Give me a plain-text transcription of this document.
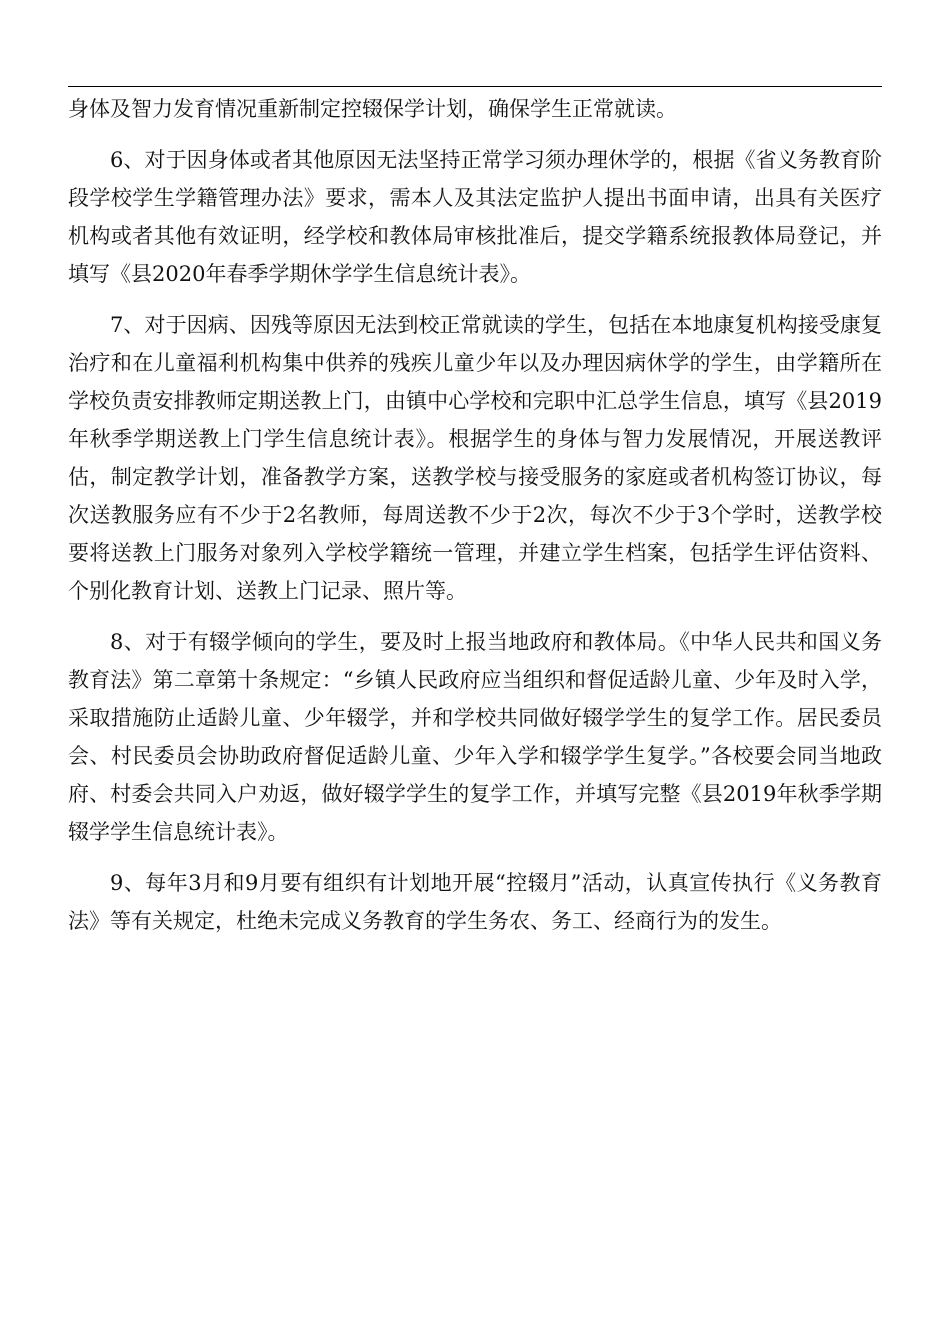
身体及智力发育情况重新制定控辍保学计划，确保学生正常就读。

6、对于因身体或者其他原因无法坚持正常学习须办理休学的，根据《省义务教育阶段学校学生学籍管理办法》要求，需本人及其法定监护人提出书面申请，出具有关医疗机构或者其他有效证明，经学校和教体局审核批准后，提交学籍系统报教体局登记，并填写《县2020年春季学期休学学生信息统计表》。

7、对于因病、因残等原因无法到校正常就读的学生，包括在本地康复机构接受康复治疗和在儿童福利机构集中供养的残疾儿童少年以及办理因病休学的学生，由学籍所在学校负责安排教师定期送教上门，由镇中心学校和完职中汇总学生信息，填写《县2019年秋季学期送教上门学生信息统计表》。根据学生的身体与智力发展情况，开展送教评估，制定教学计划，准备教学方案，送教学校与接受服务的家庭或者机构签订协议，每次送教服务应有不少于2名教师，每周送教不少于2次，每次不少于3个学时，送教学校要将送教上门服务对象列入学校学籍统一管理，并建立学生档案，包括学生评估资料、个别化教育计划、送教上门记录、照片等。

8、对于有辍学倾向的学生，要及时上报当地政府和教体局。《中华人民共和国义务教育法》第二章第十条规定：“乡镇人民政府应当组织和督促适龄儿童、少年及时入学，采取措施防止适龄儿童、少年辍学，并和学校共同做好辍学学生的复学工作。居民委员会、村民委员会协助政府督促适龄儿童、少年入学和辍学学生复学。”各校要会同当地政府、村委会共同入户劝返，做好辍学学生的复学工作，并填写完整《县2019年秋季学期辍学学生信息统计表》。

9、每年3月和9月要有组织有计划地开展“控辍月”活动，认真宣传执行《义务教育法》等有关规定，杜绝未完成义务教育的学生务农、务工、经商行为的发生。
